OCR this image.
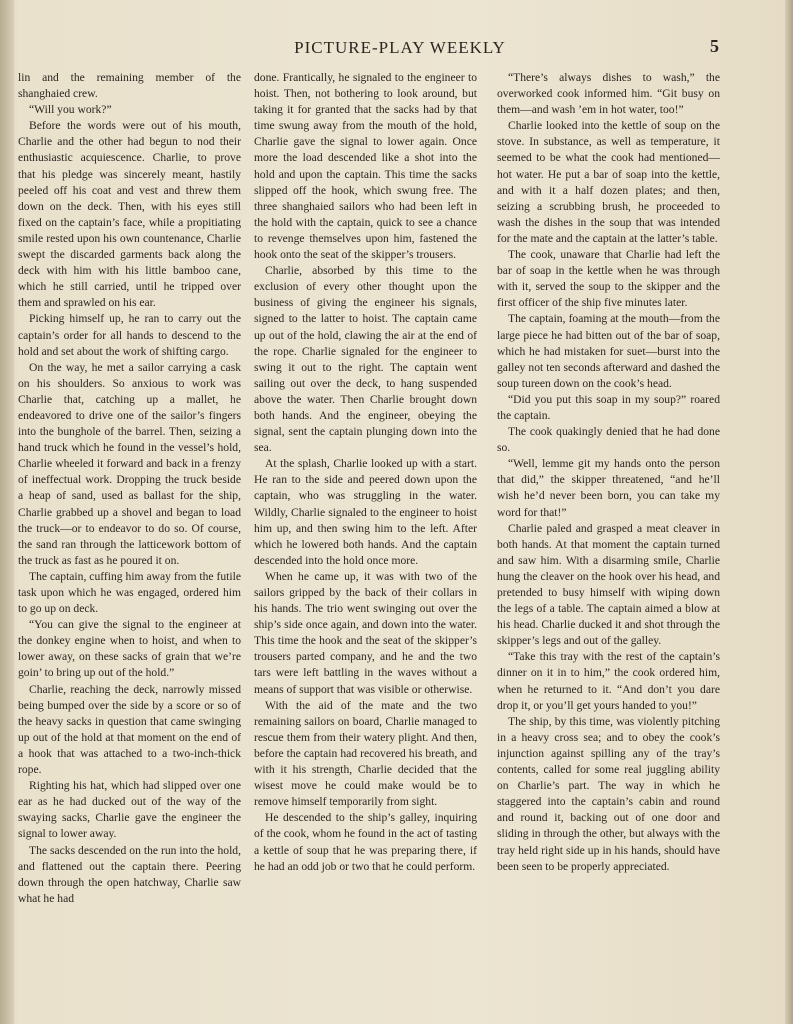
PICTURE-PLAY WEEKLY	5

lin and the remaining member of the shanghaied crew.

“Will you work?”

Before the words were out of his mouth, Charlie and the other had begun to nod their enthusiastic acquiescence. Charlie, to prove that his pledge was sincerely meant, hastily peeled off his coat and vest and threw them down on the deck. Then, with his eyes still fixed on the captain’s face, while a propitiating smile rested upon his own countenance, Charlie swept the discarded garments back along the deck with him with his little bamboo cane, which he still carried, until he tripped over them and sprawled on his ear.

Picking himself up, he ran to carry out the captain’s order for all hands to descend to the hold and set about the work of shifting cargo.

On the way, he met a sailor carrying a cask on his shoulders. So anxious to work was Charlie that, catching up a mallet, he endeavored to drive one of the sailor’s fingers into the bunghole of the barrel. Then, seizing a hand truck which he found in the vessel’s hold, Charlie wheeled it forward and back in a frenzy of ineffectual work. Dropping the truck beside a heap of sand, used as ballast for the ship, Charlie grabbed up a shovel and began to load the truck—or to endeavor to do so. Of course, the sand ran through the latticework bottom of the truck as fast as he poured it on.

The captain, cuffing him away from the futile task upon which he was engaged, ordered him to go up on deck.

“You can give the signal to the engineer at the donkey engine when to hoist, and when to lower away, on these sacks of grain that we’re goin’ to bring up out of the hold.”

Charlie, reaching the deck, narrowly missed being bumped over the side by a score or so of the heavy sacks in question that came swinging up out of the hold at that moment on the end of a hook that was attached to a two-inch-thick rope.

Righting his hat, which had slipped over one ear as he had ducked out of the way of the swaying sacks, Charlie gave the engineer the signal to lower away.

The sacks descended on the run into the hold, and flattened out the captain there. Peering down through the open hatchway, Charlie saw what he had

done. Frantically, he signaled to the engineer to hoist. Then, not bothering to look around, but taking it for granted that the sacks had by that time swung away from the mouth of the hold, Charlie gave the signal to lower again. Once more the load descended like a shot into the hold and upon the captain. This time the sacks slipped off the hook, which swung free. The three shanghaied sailors who had been left in the hold with the captain, quick to see a chance to revenge themselves upon him, fastened the hook onto the seat of the skipper’s trousers.

Charlie, absorbed by this time to the exclusion of every other thought upon the business of giving the engineer his signals, signed to the latter to hoist. The captain came up out of the hold, clawing the air at the end of the rope. Charlie signaled for the engineer to swing it out to the right. The captain went sailing out over the deck, to hang suspended above the water. Then Charlie brought down both hands. And the engineer, obeying the signal, sent the captain plunging down into the sea.

At the splash, Charlie looked up with a start. He ran to the side and peered down upon the captain, who was struggling in the water. Wildly, Charlie signaled to the engineer to hoist him up, and then swing him to the left. After which he lowered both hands. And the captain descended into the hold once more.

When he came up, it was with two of the sailors gripped by the back of their collars in his hands. The trio went swinging out over the ship’s side once again, and down into the water. This time the hook and the seat of the skipper’s trousers parted company, and he and the two tars were left battling in the waves without a means of support that was visible or otherwise.

With the aid of the mate and the two remaining sailors on board, Charlie managed to rescue them from their watery plight. And then, before the captain had recovered his breath, and with it his strength, Charlie decided that the wisest move he could make would be to remove himself temporarily from sight.

He descended to the ship’s galley, inquiring of the cook, whom he found in the act of tasting a kettle of soup that he was preparing there, if he had an odd job or two that he could perform.

“There’s always dishes to wash,” the overworked cook informed him. “Git busy on them—and wash ’em in hot water, too!”

Charlie looked into the kettle of soup on the stove. In substance, as well as temperature, it seemed to be what the cook had mentioned—hot water. He put a bar of soap into the kettle, and with it a half dozen plates; and then, seizing a scrubbing brush, he proceeded to wash the dishes in the soup that was intended for the mate and the captain at the latter’s table.

The cook, unaware that Charlie had left the bar of soap in the kettle when he was through with it, served the soup to the skipper and the first officer of the ship five minutes later.

The captain, foaming at the mouth—from the large piece he had bitten out of the bar of soap, which he had mistaken for suet—burst into the galley not ten seconds afterward and dashed the soup tureen down on the cook’s head.

“Did you put this soap in my soup?” roared the captain.

The cook quakingly denied that he had done so.

“Well, lemme git my hands onto the person that did,” the skipper threatened, “and he’ll wish he’d never been born, you can take my word for that!”

Charlie paled and grasped a meat cleaver in both hands. At that moment the captain turned and saw him. With a disarming smile, Charlie hung the cleaver on the hook over his head, and pretended to busy himself with wiping down the legs of a table. The captain aimed a blow at his head. Charlie ducked it and shot through the skipper’s legs and out of the galley.

“Take this tray with the rest of the captain’s dinner on it in to him,” the cook ordered him, when he returned to it. “And don’t you dare drop it, or you’ll get yours handed to you!”

The ship, by this time, was violently pitching in a heavy cross sea; and to obey the cook’s injunction against spilling any of the tray’s contents, called for some real juggling ability on Charlie’s part. The way in which he staggered into the captain’s cabin and round and round it, backing out of one door and sliding in through the other, but always with the tray held right side up in his hands, should have been seen to be properly appreciated.
